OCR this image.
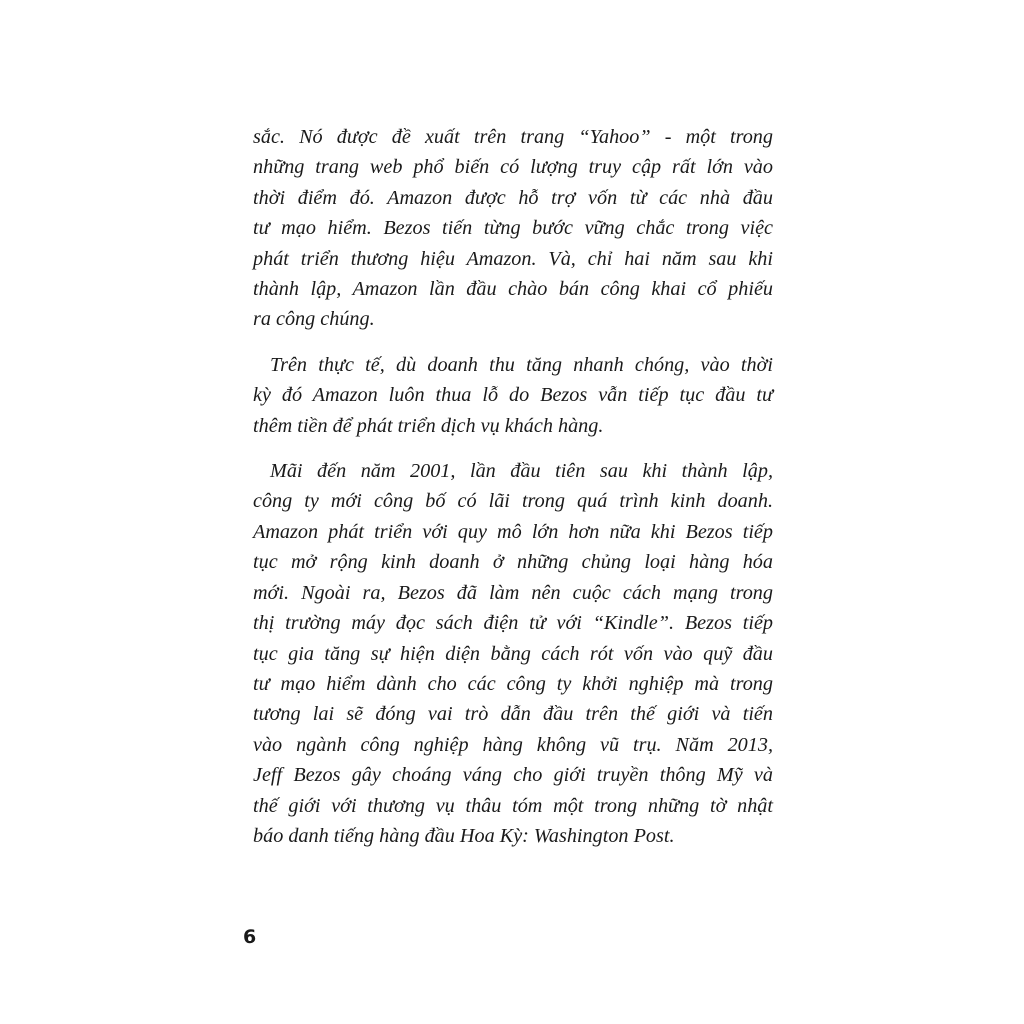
sắc. Nó được đề xuất trên trang “Yahoo” - một trong
những trang web phổ biến có lượng truy cập rất lớn vào
thời điểm đó. Amazon được hỗ trợ vốn từ các nhà đầu
tư mạo hiểm. Bezos tiến từng bước vững chắc trong việc
phát triển thương hiệu Amazon. Và, chỉ hai năm sau khi
thành lập, Amazon lần đầu chào bán công khai cổ phiếu
ra công chúng.
Trên thực tế, dù doanh thu tăng nhanh chóng, vào thời
kỳ đó Amazon luôn thua lỗ do Bezos vẫn tiếp tục đầu tư
thêm tiền để phát triển dịch vụ khách hàng.
Mãi đến năm 2001, lần đầu tiên sau khi thành lập,
công ty mới công bố có lãi trong quá trình kinh doanh.
Amazon phát triển với quy mô lớn hơn nữa khi Bezos tiếp
tục mở rộng kinh doanh ở những chủng loại hàng hóa
mới. Ngoài ra, Bezos đã làm nên cuộc cách mạng trong
thị trường máy đọc sách điện tử với “Kindle”. Bezos tiếp
tục gia tăng sự hiện diện bằng cách rót vốn vào quỹ đầu
tư mạo hiểm dành cho các công ty khởi nghiệp mà trong
tương lai sẽ đóng vai trò dẫn đầu trên thế giới và tiến
vào ngành công nghiệp hàng không vũ trụ. Năm 2013,
Jeff Bezos gây choáng váng cho giới truyền thông Mỹ và
thế giới với thương vụ thâu tóm một trong những tờ nhật
báo danh tiếng hàng đầu Hoa Kỳ: Washington Post.
6
